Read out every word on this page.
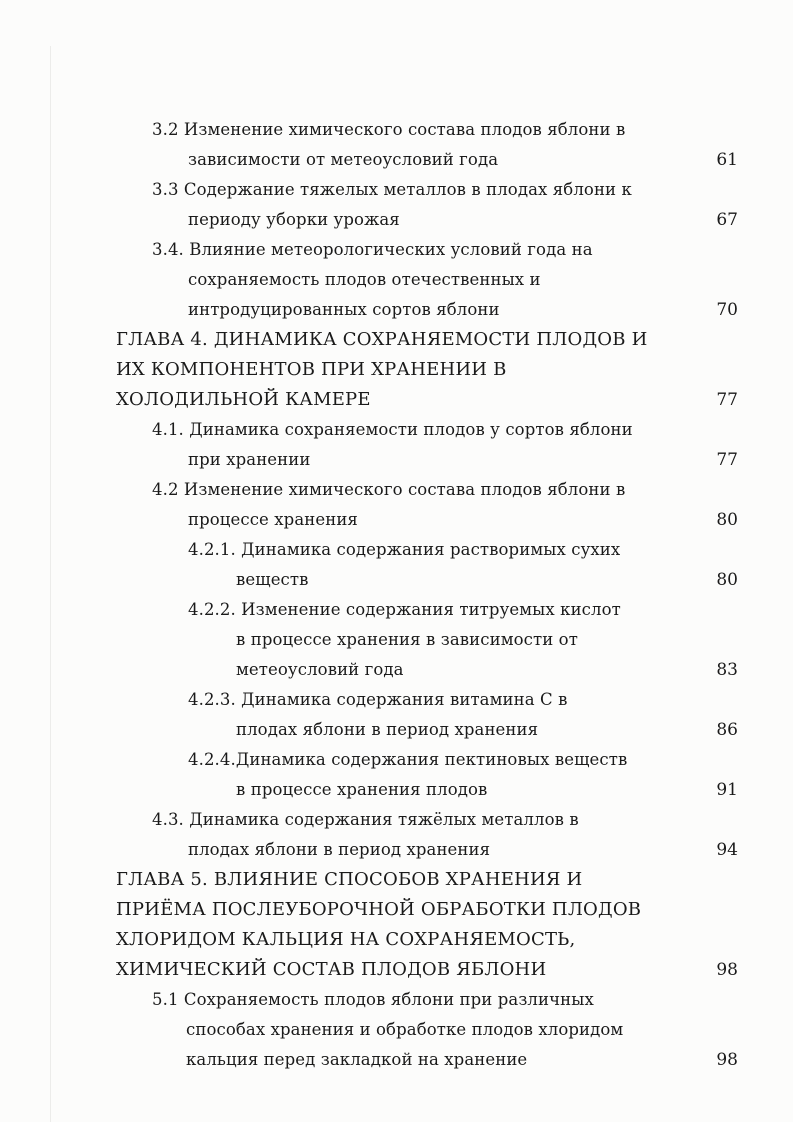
3.2 Изменение химического состава плодов яблони в
зависимости от метеоусловий года	61
3.3 Содержание тяжелых металлов в плодах яблони к
периоду уборки урожая	67
3.4. Влияние метеорологических условий года на
сохраняемость плодов отечественных и
интродуцированных сортов яблони	70
ГЛАВА 4. ДИНАМИКА СОХРАНЯЕМОСТИ ПЛОДОВ И
ИХ КОМПОНЕНТОВ ПРИ ХРАНЕНИИ В
ХОЛОДИЛЬНОЙ КАМЕРЕ	77
4.1. Динамика сохраняемости плодов у сортов яблони
при хранении	77
4.2 Изменение химического состава плодов яблони в
процессе хранения	80
4.2.1. Динамика содержания растворимых сухих
веществ	80
4.2.2. Изменение содержания титруемых кислот
в процессе хранения в зависимости от
метеоусловий года	83
4.2.3. Динамика содержания витамина С в
плодах яблони в период хранения	86
4.2.4.Динамика содержания пектиновых веществ
в процессе хранения плодов	91
4.3. Динамика содержания тяжёлых металлов в
плодах яблони в период хранения	94
ГЛАВА 5. ВЛИЯНИЕ СПОСОБОВ ХРАНЕНИЯ И
ПРИЁМА ПОСЛЕУБОРОЧНОЙ ОБРАБОТКИ ПЛОДОВ
ХЛОРИДОМ КАЛЬЦИЯ НА СОХРАНЯЕМОСТЬ,
ХИМИЧЕСКИЙ СОСТАВ ПЛОДОВ ЯБЛОНИ	98
5.1 Сохраняемость плодов яблони при различных
способах хранения и обработке плодов хлоридом
кальция перед закладкой на хранение	98
